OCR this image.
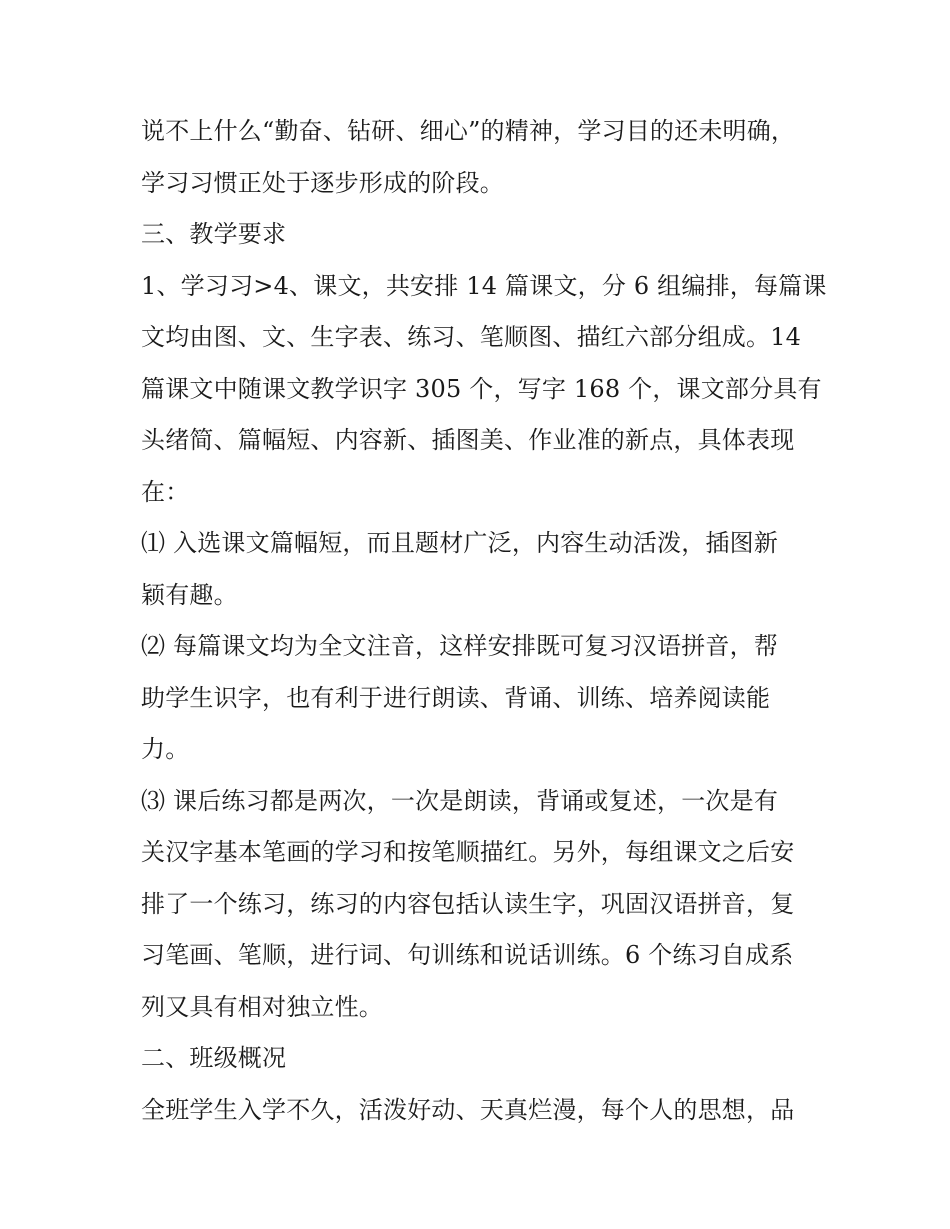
说不上什么“勤奋、钻研、细心”的精神，学习目的还未明确，
学习习惯正处于逐步形成的阶段。
三、教学要求
1、学习习>4、课文，共安排 14 篇课文，分 6 组编排，每篇课
文均由图、文、生字表、练习、笔顺图、描红六部分组成。14
篇课文中随课文教学识字 305 个，写字 168 个，课文部分具有
头绪简、篇幅短、内容新、插图美、作业准的新点，具体表现
在：
⑴ 入选课文篇幅短，而且题材广泛，内容生动活泼，插图新
颖有趣。
⑵ 每篇课文均为全文注音，这样安排既可复习汉语拼音，帮
助学生识字，也有利于进行朗读、背诵、训练、培养阅读能
力。
⑶ 课后练习都是两次，一次是朗读，背诵或复述，一次是有
关汉字基本笔画的学习和按笔顺描红。另外，每组课文之后安
排了一个练习，练习的内容包括认读生字，巩固汉语拼音，复
习笔画、笔顺，进行词、句训练和说话训练。6 个练习自成系
列又具有相对独立性。
二、班级概况
全班学生入学不久，活泼好动、天真烂漫，每个人的思想，品
